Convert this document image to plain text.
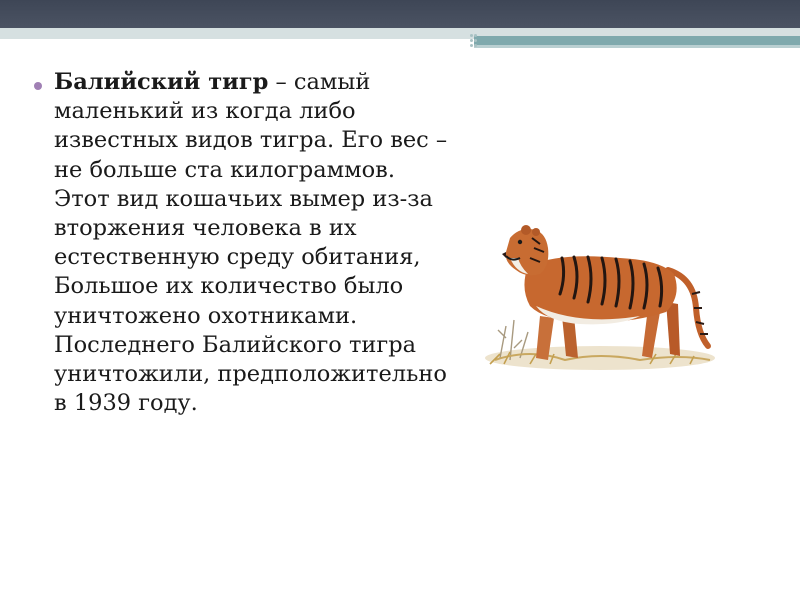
Балийский тигр – самый маленький из когда либо известных видов тигра. Его вес – не больше ста килограммов. Этот вид кошачьих вымер из-за вторжения человека в их естественную среду обитания, Большое их количество было уничтожено охотниками. Последнего Балийского тигра уничтожили, предположительно в 1939 году.
